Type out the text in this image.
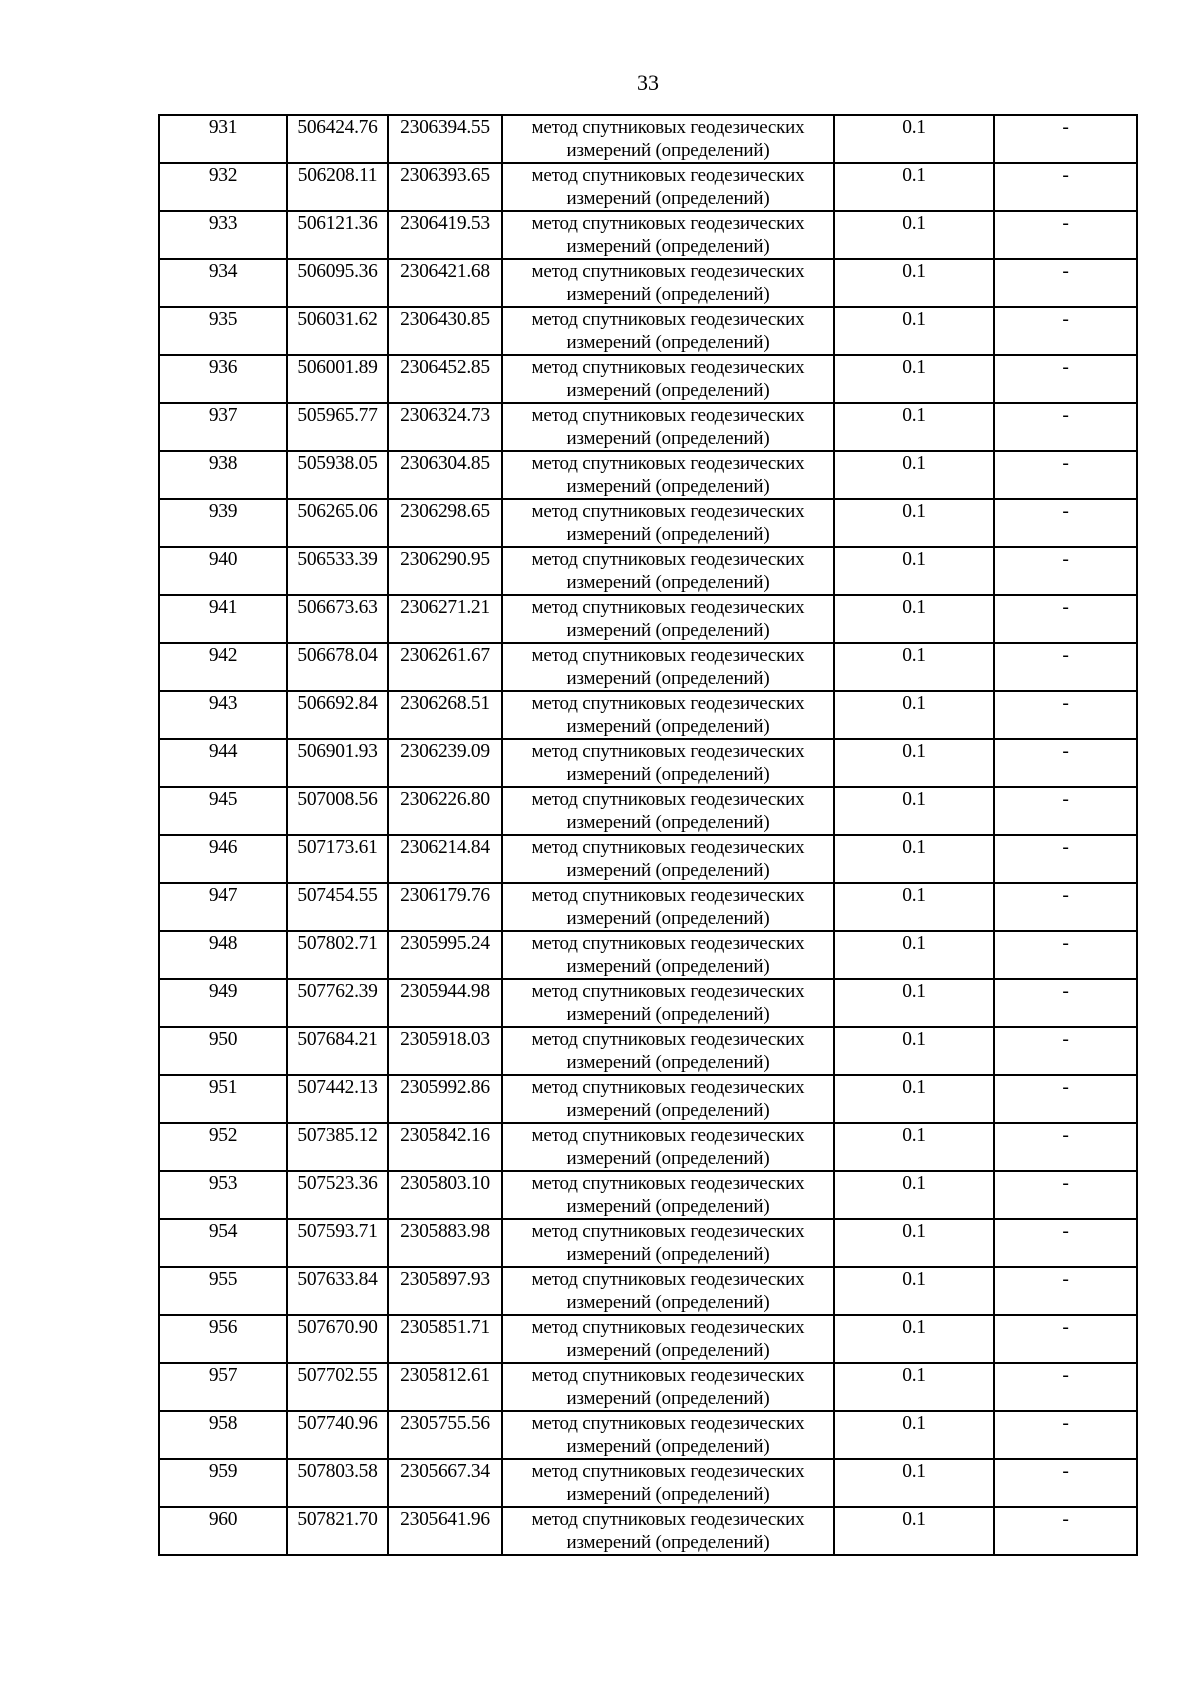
33
931	506424.76	2306394.55	метод спутниковых геодезических измерений (определений)	0.1	-
932	506208.11	2306393.65	метод спутниковых геодезических измерений (определений)	0.1	-
933	506121.36	2306419.53	метод спутниковых геодезических измерений (определений)	0.1	-
934	506095.36	2306421.68	метод спутниковых геодезических измерений (определений)	0.1	-
935	506031.62	2306430.85	метод спутниковых геодезических измерений (определений)	0.1	-
936	506001.89	2306452.85	метод спутниковых геодезических измерений (определений)	0.1	-
937	505965.77	2306324.73	метод спутниковых геодезических измерений (определений)	0.1	-
938	505938.05	2306304.85	метод спутниковых геодезических измерений (определений)	0.1	-
939	506265.06	2306298.65	метод спутниковых геодезических измерений (определений)	0.1	-
940	506533.39	2306290.95	метод спутниковых геодезических измерений (определений)	0.1	-
941	506673.63	2306271.21	метод спутниковых геодезических измерений (определений)	0.1	-
942	506678.04	2306261.67	метод спутниковых геодезических измерений (определений)	0.1	-
943	506692.84	2306268.51	метод спутниковых геодезических измерений (определений)	0.1	-
944	506901.93	2306239.09	метод спутниковых геодезических измерений (определений)	0.1	-
945	507008.56	2306226.80	метод спутниковых геодезических измерений (определений)	0.1	-
946	507173.61	2306214.84	метод спутниковых геодезических измерений (определений)	0.1	-
947	507454.55	2306179.76	метод спутниковых геодезических измерений (определений)	0.1	-
948	507802.71	2305995.24	метод спутниковых геодезических измерений (определений)	0.1	-
949	507762.39	2305944.98	метод спутниковых геодезических измерений (определений)	0.1	-
950	507684.21	2305918.03	метод спутниковых геодезических измерений (определений)	0.1	-
951	507442.13	2305992.86	метод спутниковых геодезических измерений (определений)	0.1	-
952	507385.12	2305842.16	метод спутниковых геодезических измерений (определений)	0.1	-
953	507523.36	2305803.10	метод спутниковых геодезических измерений (определений)	0.1	-
954	507593.71	2305883.98	метод спутниковых геодезических измерений (определений)	0.1	-
955	507633.84	2305897.93	метод спутниковых геодезических измерений (определений)	0.1	-
956	507670.90	2305851.71	метод спутниковых геодезических измерений (определений)	0.1	-
957	507702.55	2305812.61	метод спутниковых геодезических измерений (определений)	0.1	-
958	507740.96	2305755.56	метод спутниковых геодезических измерений (определений)	0.1	-
959	507803.58	2305667.34	метод спутниковых геодезических измерений (определений)	0.1	-
960	507821.70	2305641.96	метод спутниковых геодезических измерений (определений)	0.1	-
